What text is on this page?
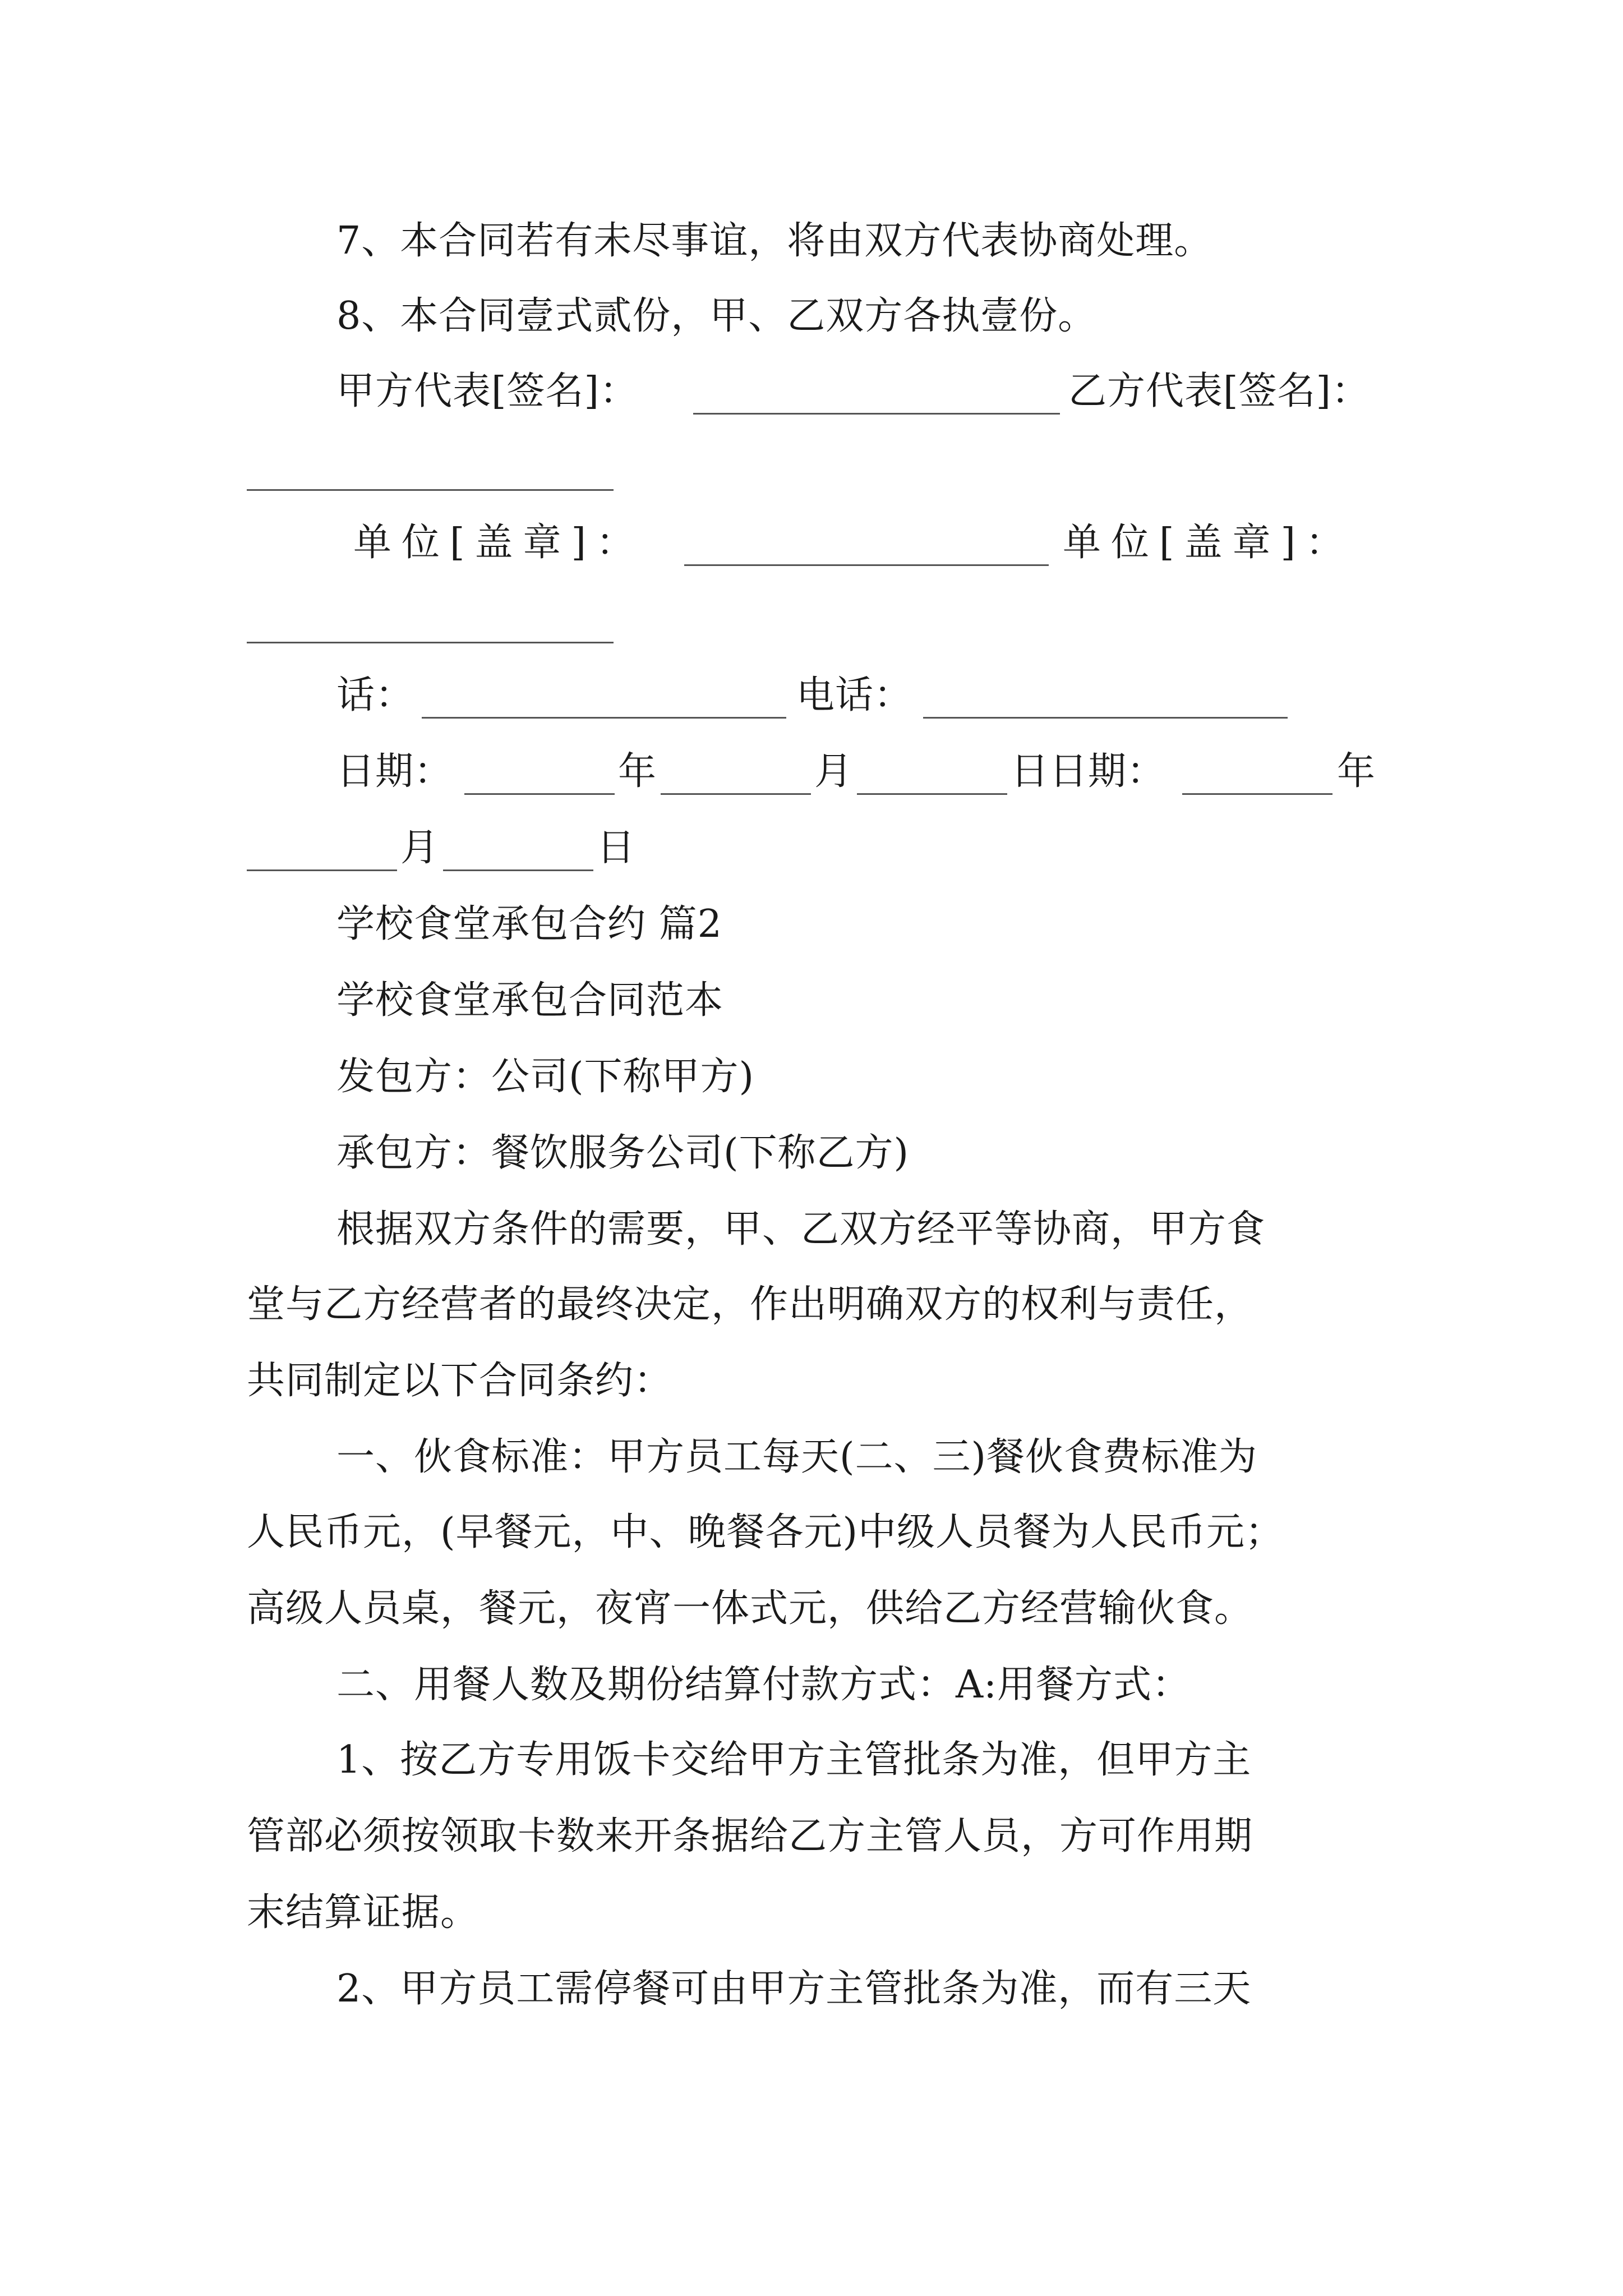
7、本合同若有未尽事谊，将由双方代表协商处理。
8、本合同壹式贰份，甲、乙双方各执壹份。
甲方代表[签名]：	乙方代表[签名]：
单位[盖章]：	单位[盖章]：
话：	电话：
日期：	年	月	日日期：	年
月	日
学校食堂承包合约 篇2
学校食堂承包合同范本
发包方：公司(下称甲方)
承包方：餐饮服务公司(下称乙方)
根据双方条件的需要，甲、乙双方经平等协商，甲方食
堂与乙方经营者的最终决定，作出明确双方的权利与责任，
共同制定以下合同条约：
一、伙食标准：甲方员工每天(二、三)餐伙食费标准为
人民币元，(早餐元，中、晚餐各元)中级人员餐为人民币元；
高级人员桌，餐元，夜宵一体式元，供给乙方经营输伙食。
二、用餐人数及期份结算付款方式：A:用餐方式：
1、按乙方专用饭卡交给甲方主管批条为准，但甲方主
管部必须按领取卡数来开条据给乙方主管人员，方可作用期
末结算证据。
2、甲方员工需停餐可由甲方主管批条为准，而有三天
